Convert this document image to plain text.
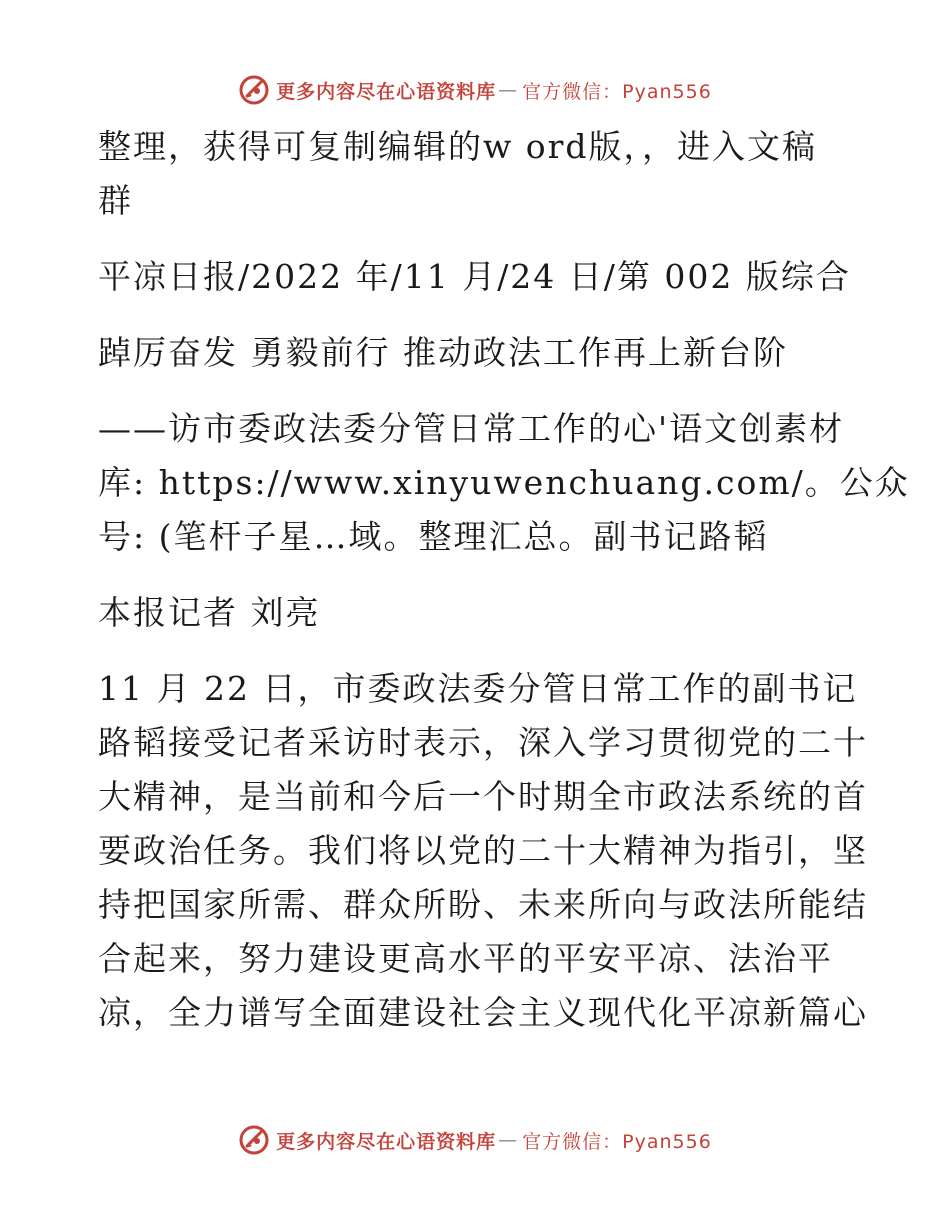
更多内容尽在心语资料库 — 官方微信：Pyan556
整理，获得可复制编辑的w ord版，，进入文稿
群
平凉日报/2022 年/11 月/24 日/第 002 版综合
踔厉奋发 勇毅前行 推动政法工作再上新台阶
——访市委政法委分管日常工作的心'语文创素材
库: https://www.xinyuwenchuang.com/。公众
号: (笔杆子星…域。整理汇总。副书记路韬
本报记者 刘亮
11 月 22 日，市委政法委分管日常工作的副书记
路韬接受记者采访时表示，深入学习贯彻党的二十
大精神，是当前和今后一个时期全市政法系统的首
要政治任务。我们将以党的二十大精神为指引，坚
持把国家所需、群众所盼、未来所向与政法所能结
合起来，努力建设更高水平的平安平凉、法治平
凉，全力谱写全面建设社会主义现代化平凉新篇心
更多内容尽在心语资料库 — 官方微信：Pyan556
